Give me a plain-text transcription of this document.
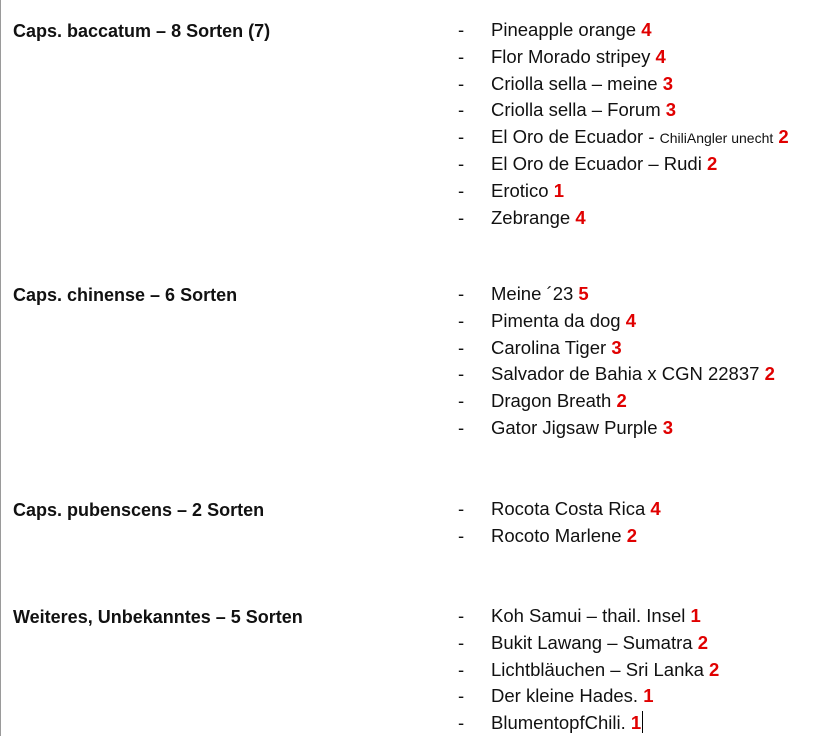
Caps. baccatum – 8 Sorten (7)	-	Pineapple orange 4
-	Flor Morado stripey 4
-	Criolla sella – meine 3
-	Criolla sella – Forum 3
-	El Oro de Ecuador - ChiliAngler unecht 2
-	El Oro de Ecuador – Rudi 2
-	Erotico 1
-	Zebrange 4
Caps. chinense – 6 Sorten	-	Meine ´23 5
-	Pimenta da dog 4
-	Carolina Tiger 3
-	Salvador de Bahia x CGN 22837 2
-	Dragon Breath 2
-	Gator Jigsaw Purple 3
Caps. pubenscens – 2 Sorten	-	Rocota Costa Rica 4
-	Rocoto Marlene 2
Weiteres, Unbekanntes – 5 Sorten	-	Koh Samui – thail. Insel 1
-	Bukit Lawang – Sumatra 2
-	Lichtbläuchen – Sri Lanka 2
-	Der kleine Hades. 1
-	BlumentopfChili. 1
